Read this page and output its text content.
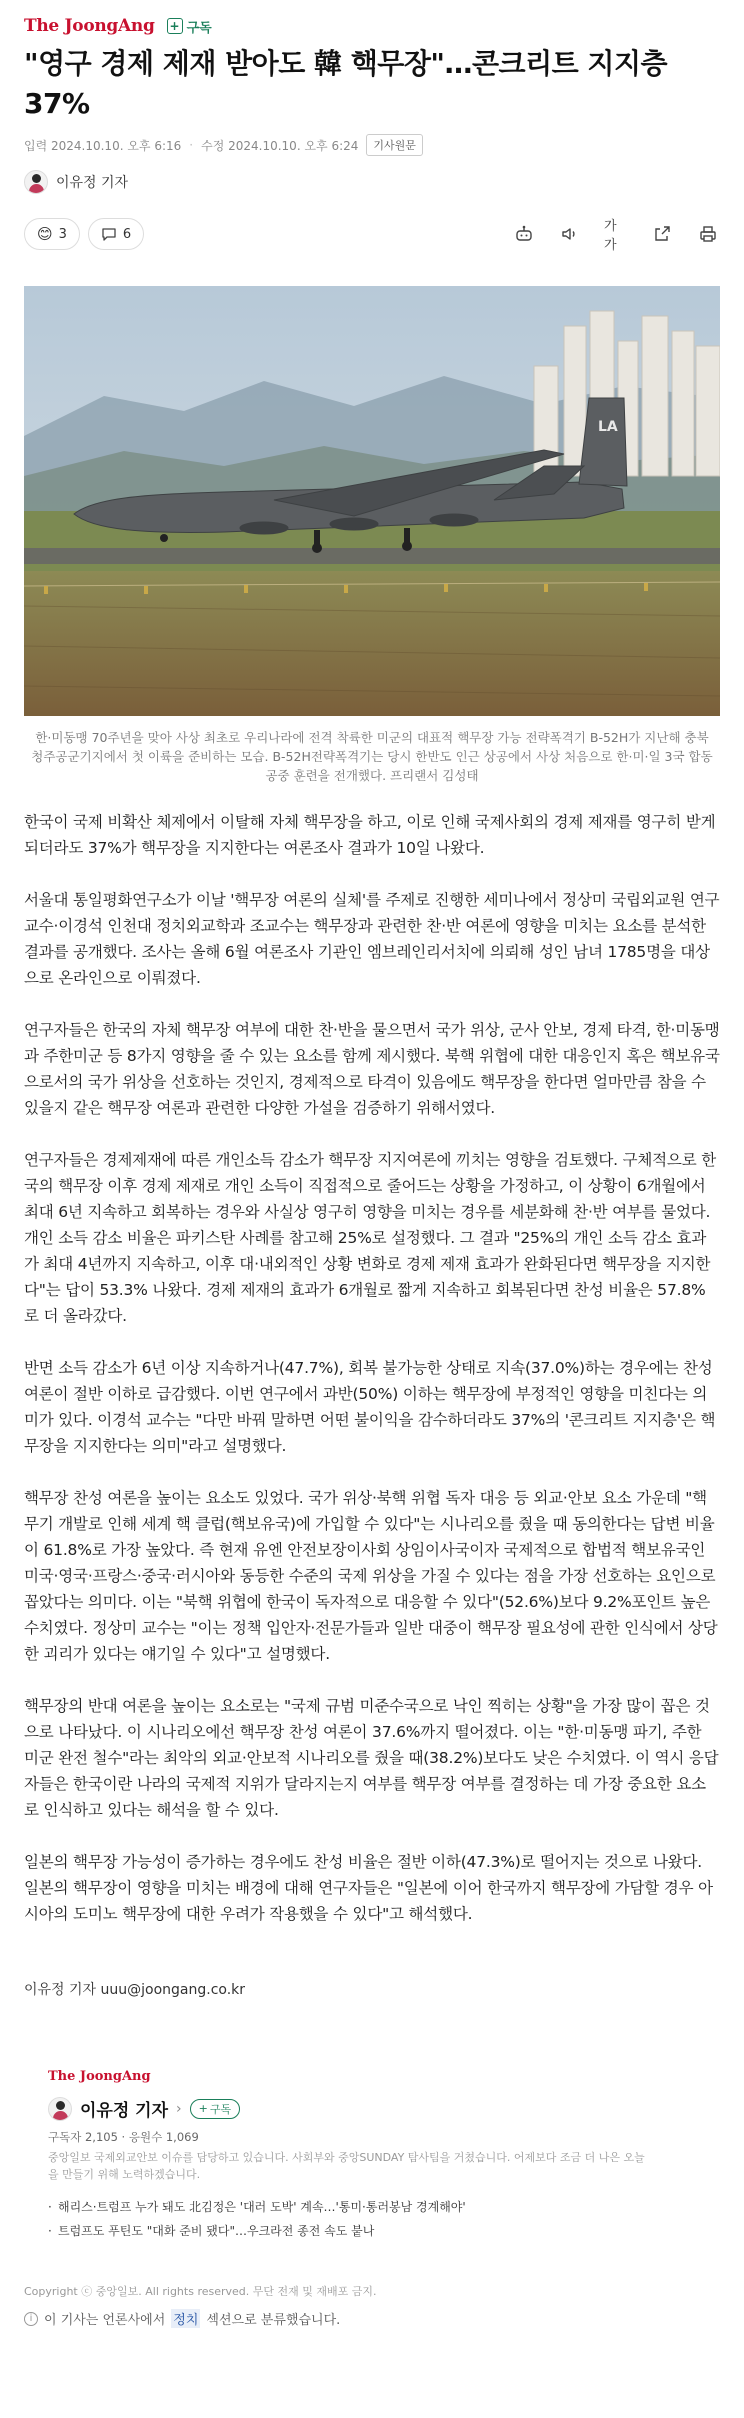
The JoongAng + 구독
"영구 경제 제재 받아도 韓 핵무장"…콘크리트 지지층 37%
입력 2024.10.10. 오후 6:16 · 수정 2024.10.10. 오후 6:24	기사원문
이유정 기자
😊 3	6	가가
LA

한·미동맹 70주년을 맞아 사상 최초로 우리나라에 전격 착륙한 미군의 대표적 핵무장 가능 전략폭격기 B-52H가 지난해 충북 청주공군기지에서 첫 이륙을 준비하는 모습. B-52H전략폭격기는 당시 한반도 인근 상공에서 사상 처음으로 한·미·일 3국 합동 공중 훈련을 전개했다. 프리랜서 김성태

한국이 국제 비확산 체제에서 이탈해 자체 핵무장을 하고, 이로 인해 국제사회의 경제 제재를 영구히 받게 되더라도 37%가 핵무장을 지지한다는 여론조사 결과가 10일 나왔다.

서울대 통일평화연구소가 이날 '핵무장 여론의 실체'를 주제로 진행한 세미나에서 정상미 국립외교원 연구교수·이경석 인천대 정치외교학과 조교수는 핵무장과 관련한 찬·반 여론에 영향을 미치는 요소를 분석한 결과를 공개했다. 조사는 올해 6월 여론조사 기관인 엠브레인리서치에 의뢰해 성인 남녀 1785명을 대상으로 온라인으로 이뤄졌다.

연구자들은 한국의 자체 핵무장 여부에 대한 찬·반을 물으면서 국가 위상, 군사 안보, 경제 타격, 한·미동맹과 주한미군 등 8가지 영향을 줄 수 있는 요소를 함께 제시했다. 북핵 위협에 대한 대응인지 혹은 핵보유국으로서의 국가 위상을 선호하는 것인지, 경제적으로 타격이 있음에도 핵무장을 한다면 얼마만큼 참을 수 있을지 같은 핵무장 여론과 관련한 다양한 가설을 검증하기 위해서였다.

연구자들은 경제제재에 따른 개인소득 감소가 핵무장 지지여론에 끼치는 영향을 검토했다. 구체적으로 한국의 핵무장 이후 경제 제재로 개인 소득이 직접적으로 줄어드는 상황을 가정하고, 이 상황이 6개월에서 최대 6년 지속하고 회복하는 경우와 사실상 영구히 영향을 미치는 경우를 세분화해 찬·반 여부를 물었다. 개인 소득 감소 비율은 파키스탄 사례를 참고해 25%로 설정했다. 그 결과 "25%의 개인 소득 감소 효과가 최대 4년까지 지속하고, 이후 대·내외적인 상황 변화로 경제 제재 효과가 완화된다면 핵무장을 지지한다"는 답이 53.3% 나왔다. 경제 제재의 효과가 6개월로 짧게 지속하고 회복된다면 찬성 비율은 57.8%로 더 올라갔다.

반면 소득 감소가 6년 이상 지속하거나(47.7%), 회복 불가능한 상태로 지속(37.0%)하는 경우에는 찬성 여론이 절반 이하로 급감했다. 이번 연구에서 과반(50%) 이하는 핵무장에 부정적인 영향을 미친다는 의미가 있다. 이경석 교수는 "다만 바꿔 말하면 어떤 불이익을 감수하더라도 37%의 '콘크리트 지지층'은 핵무장을 지지한다는 의미"라고 설명했다.

핵무장 찬성 여론을 높이는 요소도 있었다. 국가 위상·북핵 위협 독자 대응 등 외교·안보 요소 가운데 "핵무기 개발로 인해 세계 핵 클럽(핵보유국)에 가입할 수 있다"는 시나리오를 줬을 때 동의한다는 답변 비율이 61.8%로 가장 높았다. 즉 현재 유엔 안전보장이사회 상임이사국이자 국제적으로 합법적 핵보유국인 미국·영국·프랑스·중국·러시아와 동등한 수준의 국제 위상을 가질 수 있다는 점을 가장 선호하는 요인으로 꼽았다는 의미다. 이는 "북핵 위협에 한국이 독자적으로 대응할 수 있다"(52.6%)보다 9.2%포인트 높은 수치였다. 정상미 교수는 "이는 정책 입안자·전문가들과 일반 대중이 핵무장 필요성에 관한 인식에서 상당한 괴리가 있다는 얘기일 수 있다"고 설명했다.

핵무장의 반대 여론을 높이는 요소로는 "국제 규범 미준수국으로 낙인 찍히는 상황"을 가장 많이 꼽은 것으로 나타났다. 이 시나리오에선 핵무장 찬성 여론이 37.6%까지 떨어졌다. 이는 "한·미동맹 파기, 주한 미군 완전 철수"라는 최악의 외교·안보적 시나리오를 줬을 때(38.2%)보다도 낮은 수치였다. 이 역시 응답자들은 한국이란 나라의 국제적 지위가 달라지는지 여부를 핵무장 여부를 결정하는 데 가장 중요한 요소로 인식하고 있다는 해석을 할 수 있다.

일본의 핵무장 가능성이 증가하는 경우에도 찬성 비율은 절반 이하(47.3%)로 떨어지는 것으로 나왔다. 일본의 핵무장이 영향을 미치는 배경에 대해 연구자들은 "일본에 이어 한국까지 핵무장에 가담할 경우 아시아의 도미노 핵무장에 대한 우려가 작용했을 수 있다"고 해석했다.

이유정 기자 uuu@joongang.co.kr
The JoongAng
이유정 기자 › + 구독
구독자 2,105 · 응원수 1,069
중앙일보 국제외교안보 이슈를 담당하고 있습니다. 사회부와 중앙SUNDAY 탐사팀을 거쳤습니다. 어제보다 조금 더 나은 오늘을 만들기 위해 노력하겠습니다.
· 해리스·트럼프 누가 돼도 北김정은 '대러 도박' 계속…'통미·통러봉남 경계해야'
· 트럼프도 푸틴도 "대화 준비 됐다"…우크라전 종전 속도 붙나
Copyright ⓒ 중앙일보. All rights reserved. 무단 전재 및 재배포 금지.
i 이 기사는 언론사에서 정치 섹션으로 분류했습니다.
